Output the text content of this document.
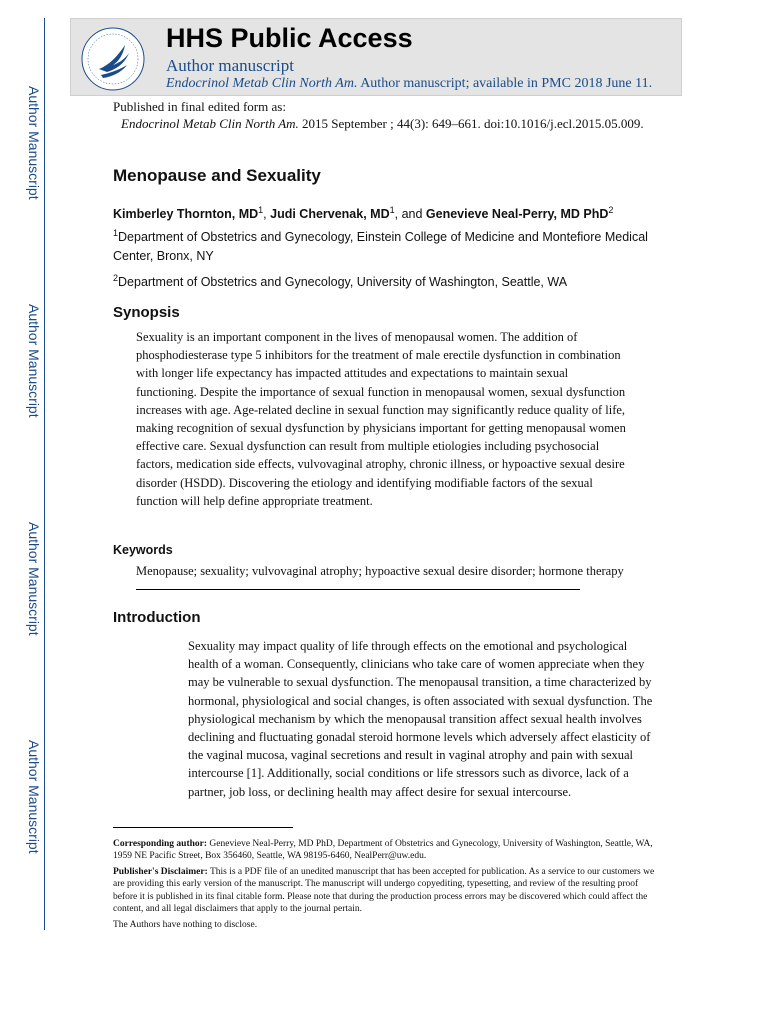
Author Manuscript
Author Manuscript
Author Manuscript
Author Manuscript
HHS Public Access
Author manuscript
Endocrinol Metab Clin North Am. Author manuscript; available in PMC 2018 June 11.
Published in final edited form as:
Endocrinol Metab Clin North Am. 2015 September ; 44(3): 649–661. doi:10.1016/j.ecl.2015.05.009.
Menopause and Sexuality
Kimberley Thornton, $MD^1$, Judi Chervenak, $MD^1$, and Genevieve Neal-Perry, MD PhD$^2$
$^1$Department of Obstetrics and Gynecology, Einstein College of Medicine and Montefiore Medical Center, Bronx, NY
$^2$Department of Obstetrics and Gynecology, University of Washington, Seattle, WA
Synopsis
Sexuality is an important component in the lives of menopausal women. The addition of phosphodiesterase type 5 inhibitors for the treatment of male erectile dysfunction in combination with longer life expectancy has impacted attitudes and expectations to maintain sexual functioning. Despite the importance of sexual function in menopausal women, sexual dysfunction increases with age. Age-related decline in sexual function may significantly reduce quality of life, making recognition of sexual dysfunction by physicians important for getting menopausal women effective care. Sexual dysfunction can result from multiple etiologies including psychosocial factors, medication side effects, vulvovaginal atrophy, chronic illness, or hypoactive sexual desire disorder (HSDD). Discovering the etiology and identifying modifiable factors of the sexual function will help define appropriate treatment.
Keywords
Menopause; sexuality; vulvovaginal atrophy; hypoactive sexual desire disorder; hormone therapy
Introduction
Sexuality may impact quality of life through effects on the emotional and psychological health of a woman. Consequently, clinicians who take care of women appreciate when they may be vulnerable to sexual dysfunction. The menopausal transition, a time characterized by hormonal, physiological and social changes, is often associated with sexual dysfunction. The physiological mechanism by which the menopausal transition affect sexual health involves declining and fluctuating gonadal steroid hormone levels which adversely affect elasticity of the vaginal mucosa, vaginal secretions and result in vaginal atrophy and pain with sexual intercourse [1]. Additionally, social conditions or life stressors such as divorce, lack of a partner, job loss, or declining health may affect desire for sexual intercourse.
Corresponding author: Genevieve Neal-Perry, MD PhD, Department of Obstetrics and Gynecology, University of Washington, Seattle, WA, 1959 NE Pacific Street, Box 356460, Seattle, WA 98195-6460, NealPerr@uw.edu.
Publisher's Disclaimer: This is a PDF file of an unedited manuscript that has been accepted for publication. As a service to our customers we are providing this early version of the manuscript. The manuscript will undergo copyediting, typesetting, and review of the resulting proof before it is published in its final citable form. Please note that during the production process errors may be discovered which could affect the content, and all legal disclaimers that apply to the journal pertain.
The Authors have nothing to disclose.
